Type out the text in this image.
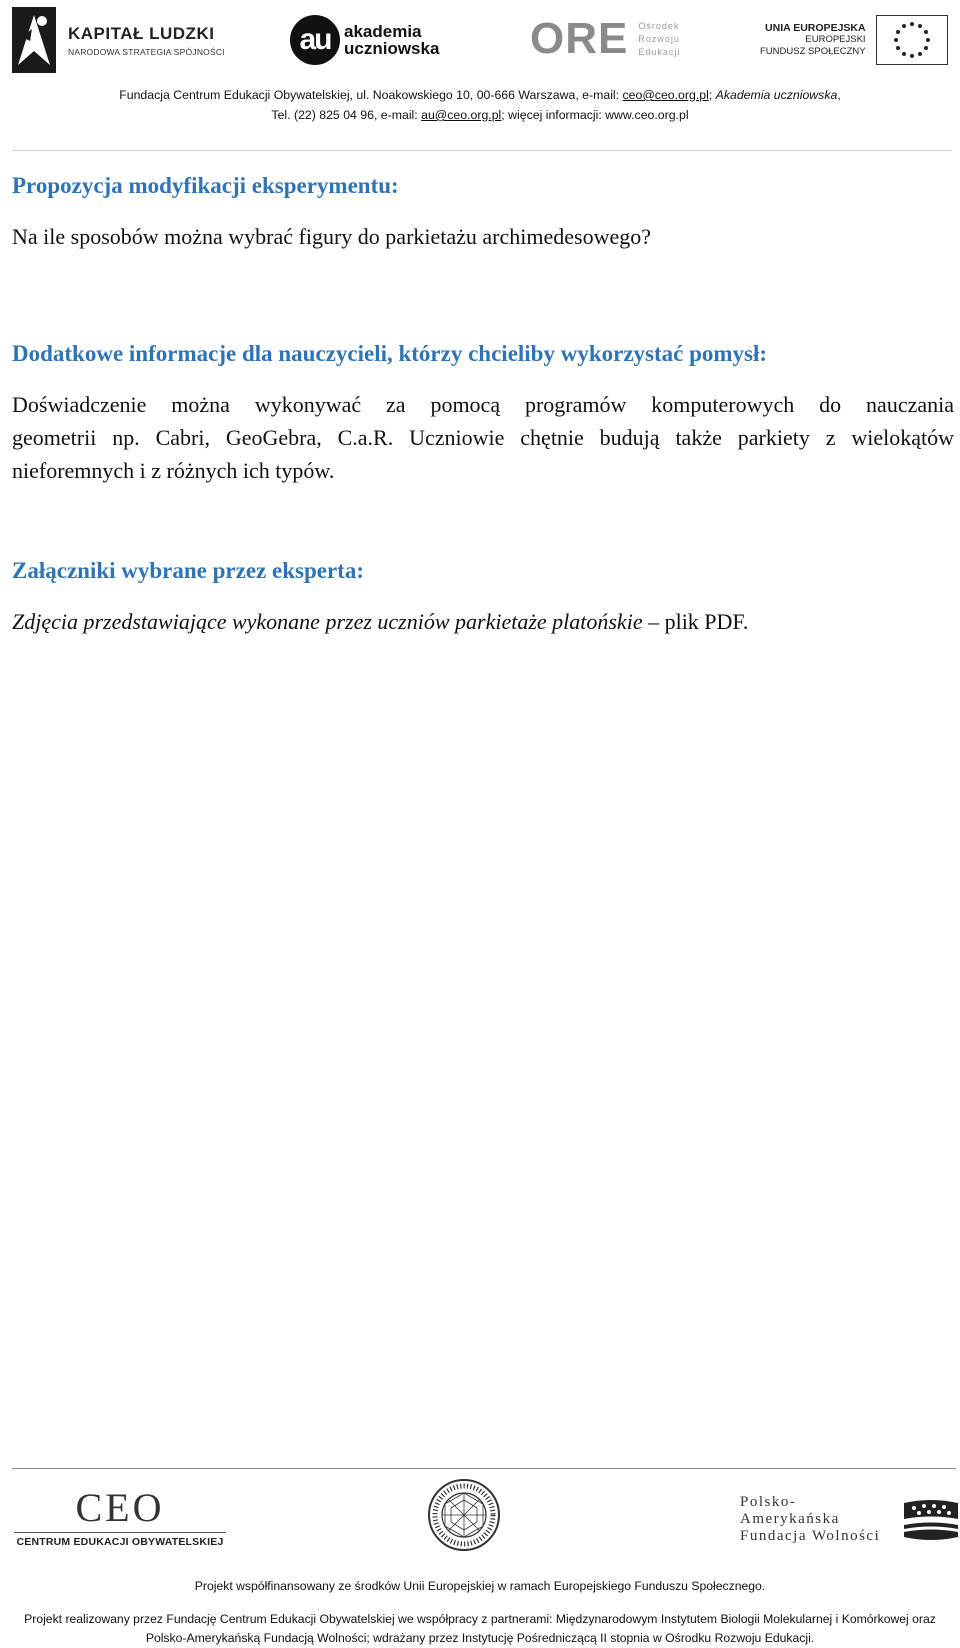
KAPITAŁ LUDZKI
NARODOWA STRATEGIA SPÓJNOŚCI	au akademia
uczniowska ORE Ośrodek
Rozwoju
Edukacji
UNIA EUROPEJSKA
EUROPEJSKI
FUNDUSZ SPOŁECZNY
Fundacja Centrum Edukacji Obywatelskiej, ul. Noakowskiego 10, 00-666 Warszawa, e-mail: ceo@ceo.org.pl; Akademia uczniowska,
Tel. (22) 825 04 96, e-mail: au@ceo.org.pl; więcej informacji: www.ceo.org.pl
Propozycja modyfikacji eksperymentu:
Na ile sposobów można wybrać figury do parkietażu archimedesowego?
Dodatkowe informacje dla nauczycieli, którzy chcieliby wykorzystać pomysł:
Doświadczenie można wykonywać za pomocą programów komputerowych do nauczania
geometrii np. Cabri, GeoGebra, C.a.R. Uczniowie chętnie budują także parkiety z wielokątów
nieforemnych i z różnych ich typów.
Załączniki wybrane przez eksperta:
Zdjęcia przedstawiające wykonane przez uczniów parkietaże platońskie – plik PDF.
CEO
CENTRUM EDUKACJI OBYWATELSKIEJ
Polsko-Amerykańska
Fundacja Wolności
Projekt współfinansowany ze środków Unii Europejskiej w ramach Europejskiego Funduszu Społecznego.
Projekt realizowany przez Fundację Centrum Edukacji Obywatelskiej we współpracy z partnerami: Międzynarodowym Instytutem Biologii Molekularnej i Komórkowej oraz
Polsko-Amerykańską Fundacją Wolności; wdrażany przez Instytucję Pośredniczącą II stopnia w Ośrodku Rozwoju Edukacji.
